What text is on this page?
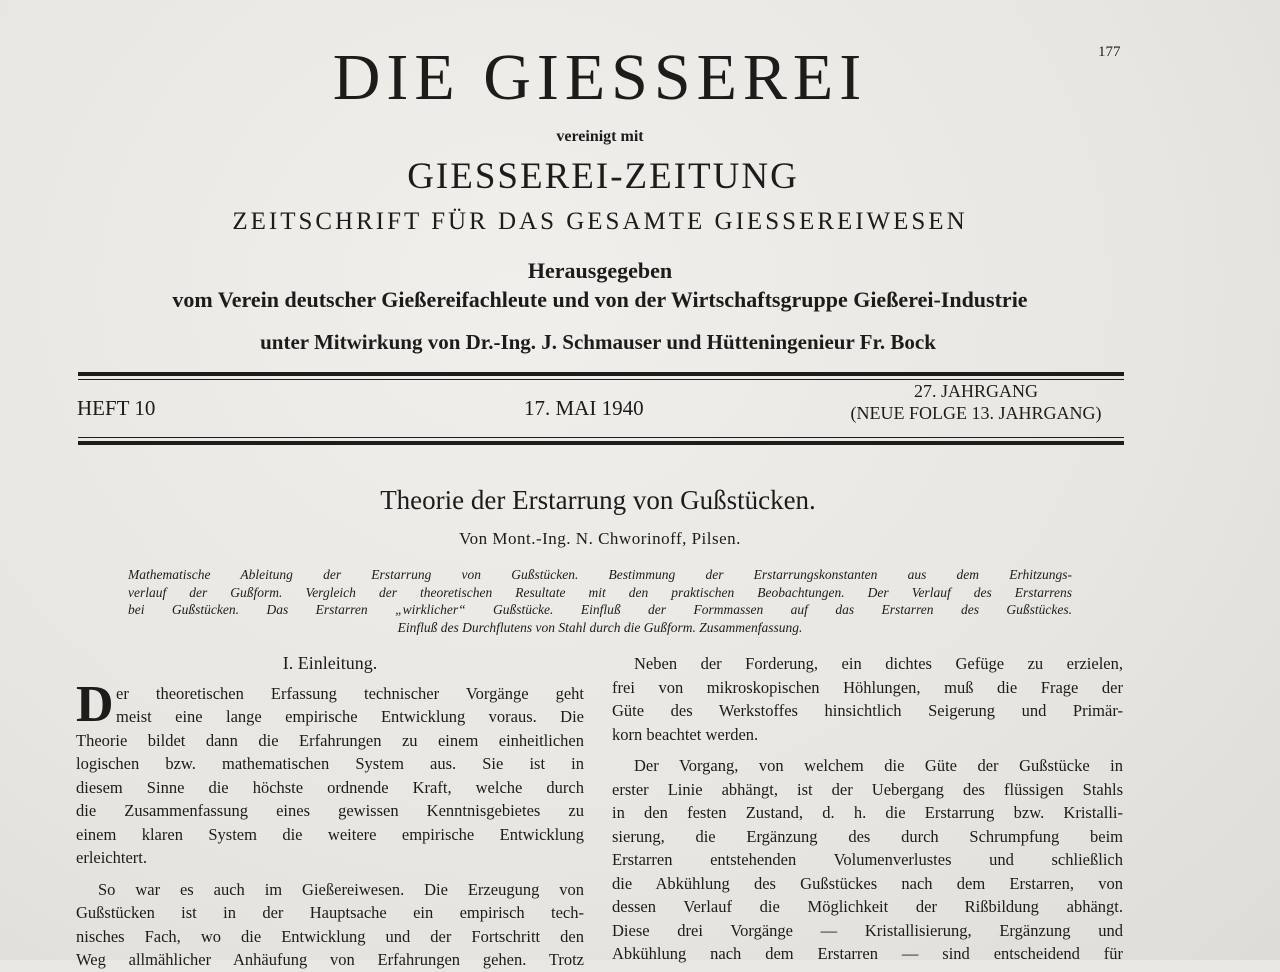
177
DIE GIESSEREI
vereinigt mit
GIESSEREI-ZEITUNG
ZEITSCHRIFT FÜR DAS GESAMTE GIESSEREIWESEN
Herausgegeben
vom Verein deutscher Gießereifachleute und von der Wirtschaftsgruppe Gießerei-Industrie
unter Mitwirkung von Dr.-Ing. J. Schmauser und Hütteningenieur Fr. Bock
HEFT 10	17. MAI 1940
27. JAHRGANG
(NEUE FOLGE 13. JAHRGANG)
Theorie der Erstarrung von Gußstücken.
Von Mont.-Ing. N. Chworinoff, Pilsen.
Mathematische Ableitung der Erstarrung von Gußstücken. Bestimmung der Erstarrungskonstanten aus dem Erhitzungs-
verlauf der Gußform. Vergleich der theoretischen Resultate mit den praktischen Beobachtungen. Der Verlauf des Erstarrens
bei Gußstücken. Das Erstarren „wirklicher“ Gußstücke. Einfluß der Formmassen auf das Erstarren des Gußstückes.
Einfluß des Durchflutens von Stahl durch die Gußform. Zusammenfassung.
I. Einleitung.
D er theoretischen Erfassung technischer Vorgänge geht
meist eine lange empirische Entwicklung voraus. Die
Theorie bildet dann die Erfahrungen zu einem einheitlichen
logischen bzw. mathematischen System aus. Sie ist in
diesem Sinne die höchste ordnende Kraft, welche durch
die Zusammenfassung eines gewissen Kenntnisgebietes zu
einem klaren System die weitere empirische Entwicklung
erleichtert.
So war es auch im Gießereiwesen. Die Erzeugung von
Gußstücken ist in der Hauptsache ein empirisch tech-
nisches Fach, wo die Entwicklung und der Fortschritt den
Weg allmählicher Anhäufung von Erfahrungen gehen. Trotz
Neben der Forderung, ein dichtes Gefüge zu erzielen,
frei von mikroskopischen Höhlungen, muß die Frage der
Güte des Werkstoffes hinsichtlich Seigerung und Primär-
korn beachtet werden.
Der Vorgang, von welchem die Güte der Gußstücke in
erster Linie abhängt, ist der Uebergang des flüssigen Stahls
in den festen Zustand, d. h. die Erstarrung bzw. Kristalli-
sierung, die Ergänzung des durch Schrumpfung beim
Erstarren entstehenden Volumenverlustes und schließlich
die Abkühlung des Gußstückes nach dem Erstarren, von
dessen Verlauf die Möglichkeit der Rißbildung abhängt.
Diese drei Vorgänge — Kristallisierung, Ergänzung und
Abkühlung nach dem Erstarren — sind entscheidend für
